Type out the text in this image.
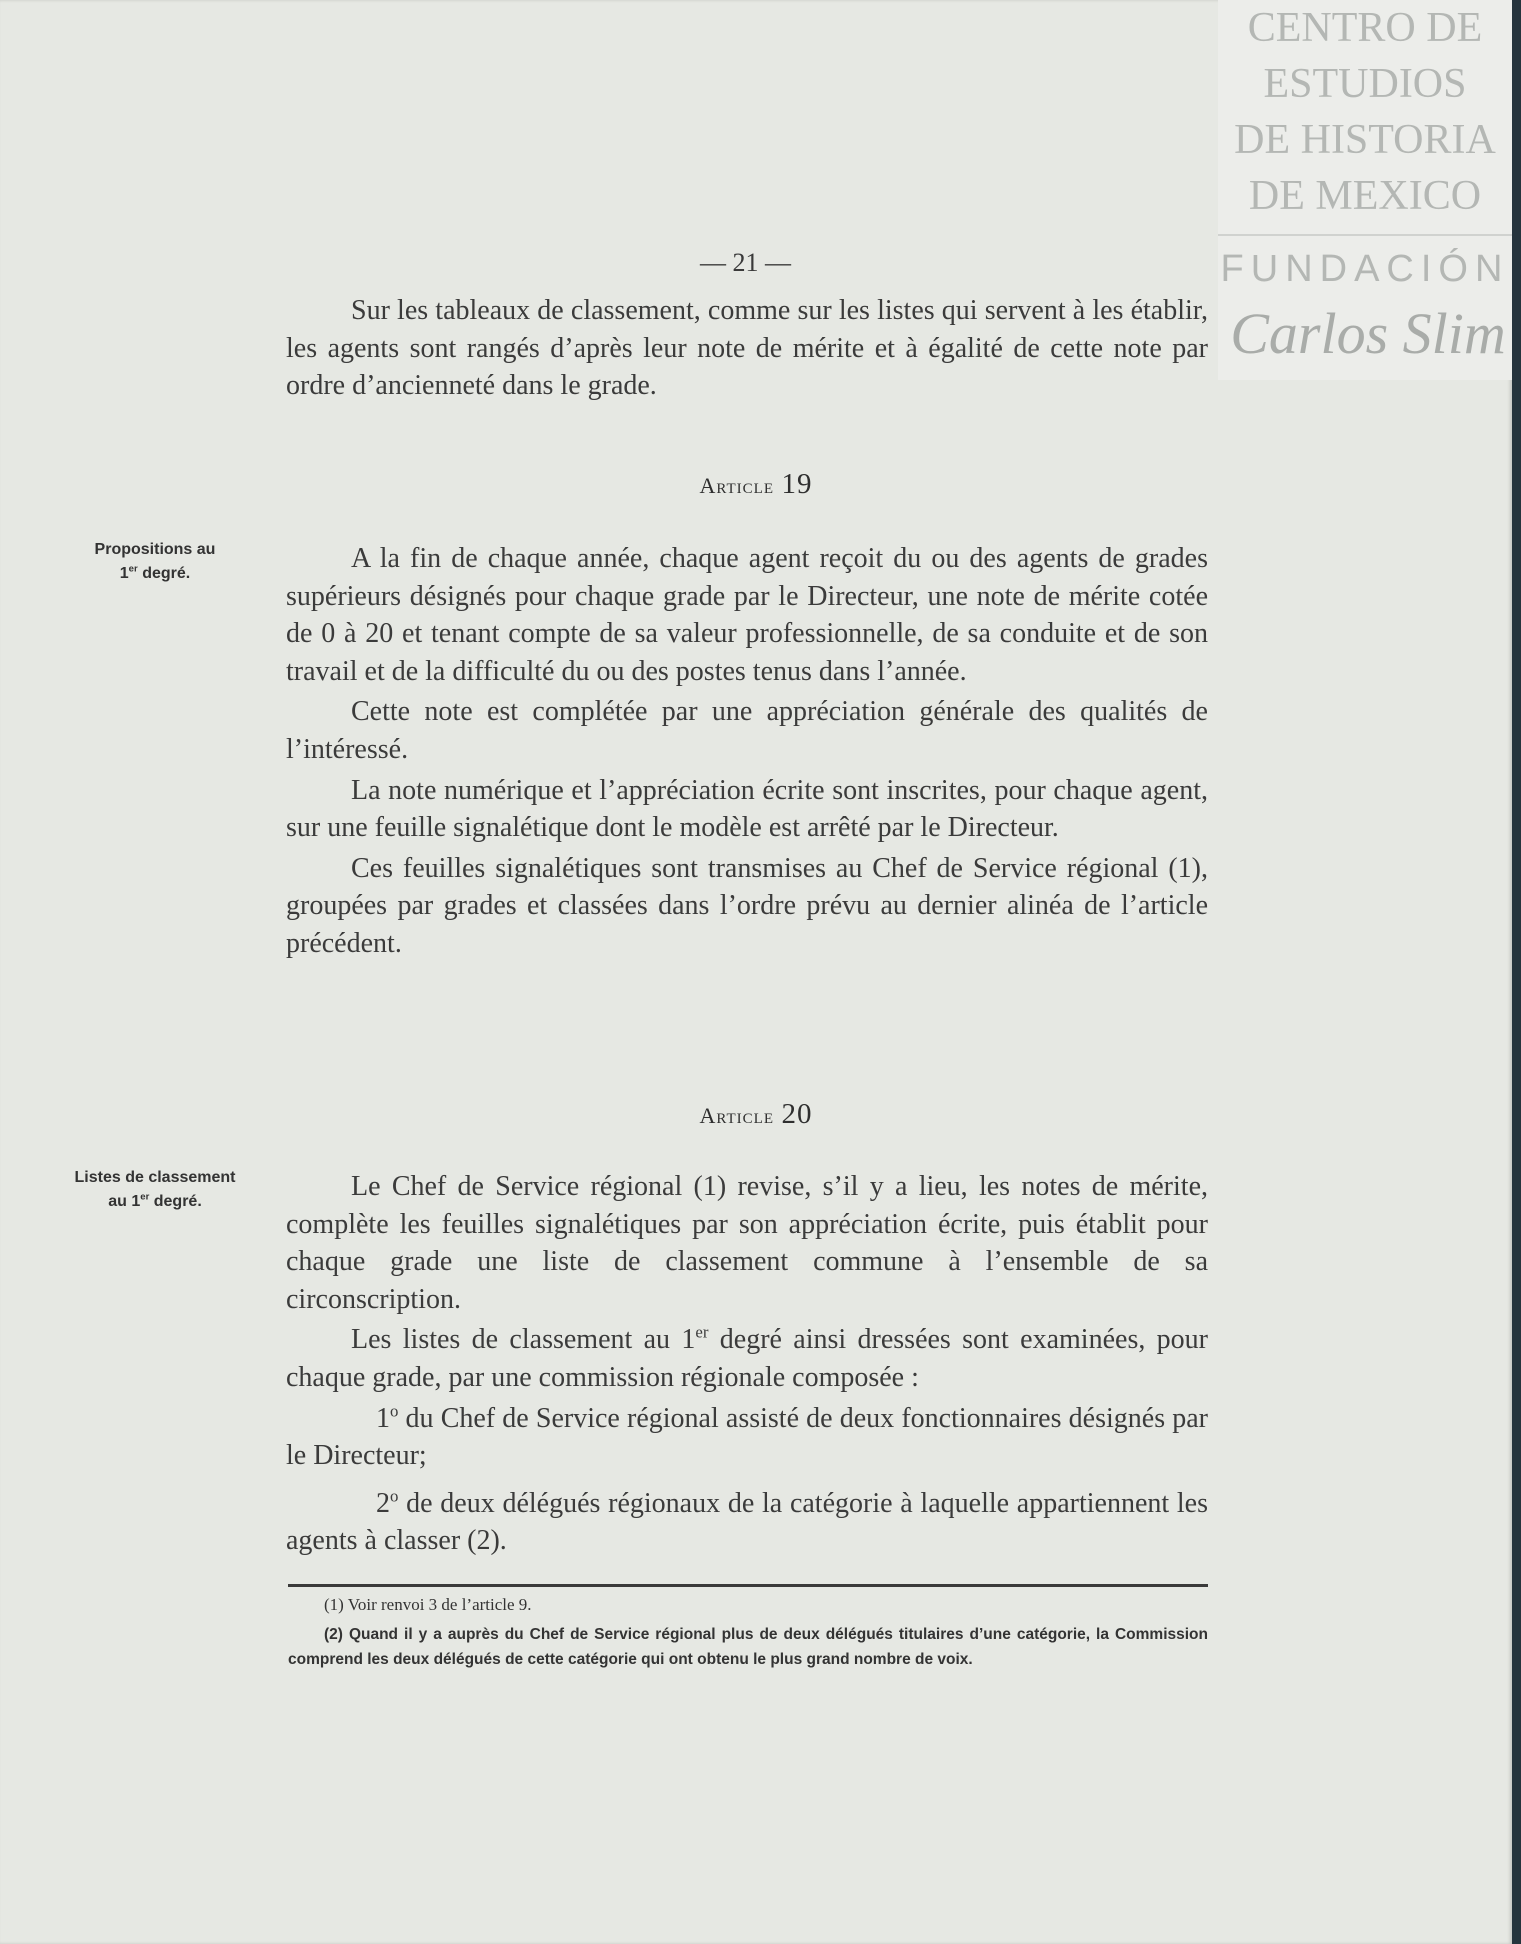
CENTRO DE
ESTUDIOS
DE HISTORIA
DE MEXICO
FUNDACIÓN
Carlos Slim
— 21 —

Sur les tableaux de classement, comme sur les listes qui servent à les établir, les agents sont rangés d’après leur note de mérite et à égalité de cette note par ordre d’ancienneté dans le grade.

Article 19
Propositions au
1er degré.	A la fin de chaque année, chaque agent reçoit du ou des agents de grades supérieurs désignés pour chaque grade par le Directeur, une note de mérite cotée de 0 à 20 et tenant compte de sa valeur professionnelle, de sa conduite et de son travail et de la difficulté du ou des postes tenus dans l’année.

Cette note est complétée par une appréciation générale des qualités de l’intéressé.

La note numérique et l’appréciation écrite sont inscrites, pour chaque agent, sur une feuille signalétique dont le modèle est arrêté par le Directeur.

Ces feuilles signalétiques sont transmises au Chef de Service régional (1), groupées par grades et classées dans l’ordre prévu au dernier alinéa de l’article précédent.

Article 20
Listes de classement
au 1er degré.	Le Chef de Service régional (1) revise, s’il y a lieu, les notes de mérite, complète les feuilles signalétiques par son appréciation écrite, puis établit pour chaque grade une liste de classement commune à l’ensemble de sa circonscription.

Les listes de classement au 1er degré ainsi dressées sont examinées, pour chaque grade, par une commission régionale composée :

1$^o$ du Chef de Service régional assisté de deux fonctionnaires désignés par le Directeur;

2$^o$ de deux délégués régionaux de la catégorie à laquelle appartiennent les agents à classer (2).

(1) Voir renvoi 3 de l’article 9.

(2) Quand il y a auprès du Chef de Service régional plus de deux délégués titulaires d’une catégorie, la Commission comprend les deux délégués de cette catégorie qui ont obtenu le plus grand nombre de voix.
